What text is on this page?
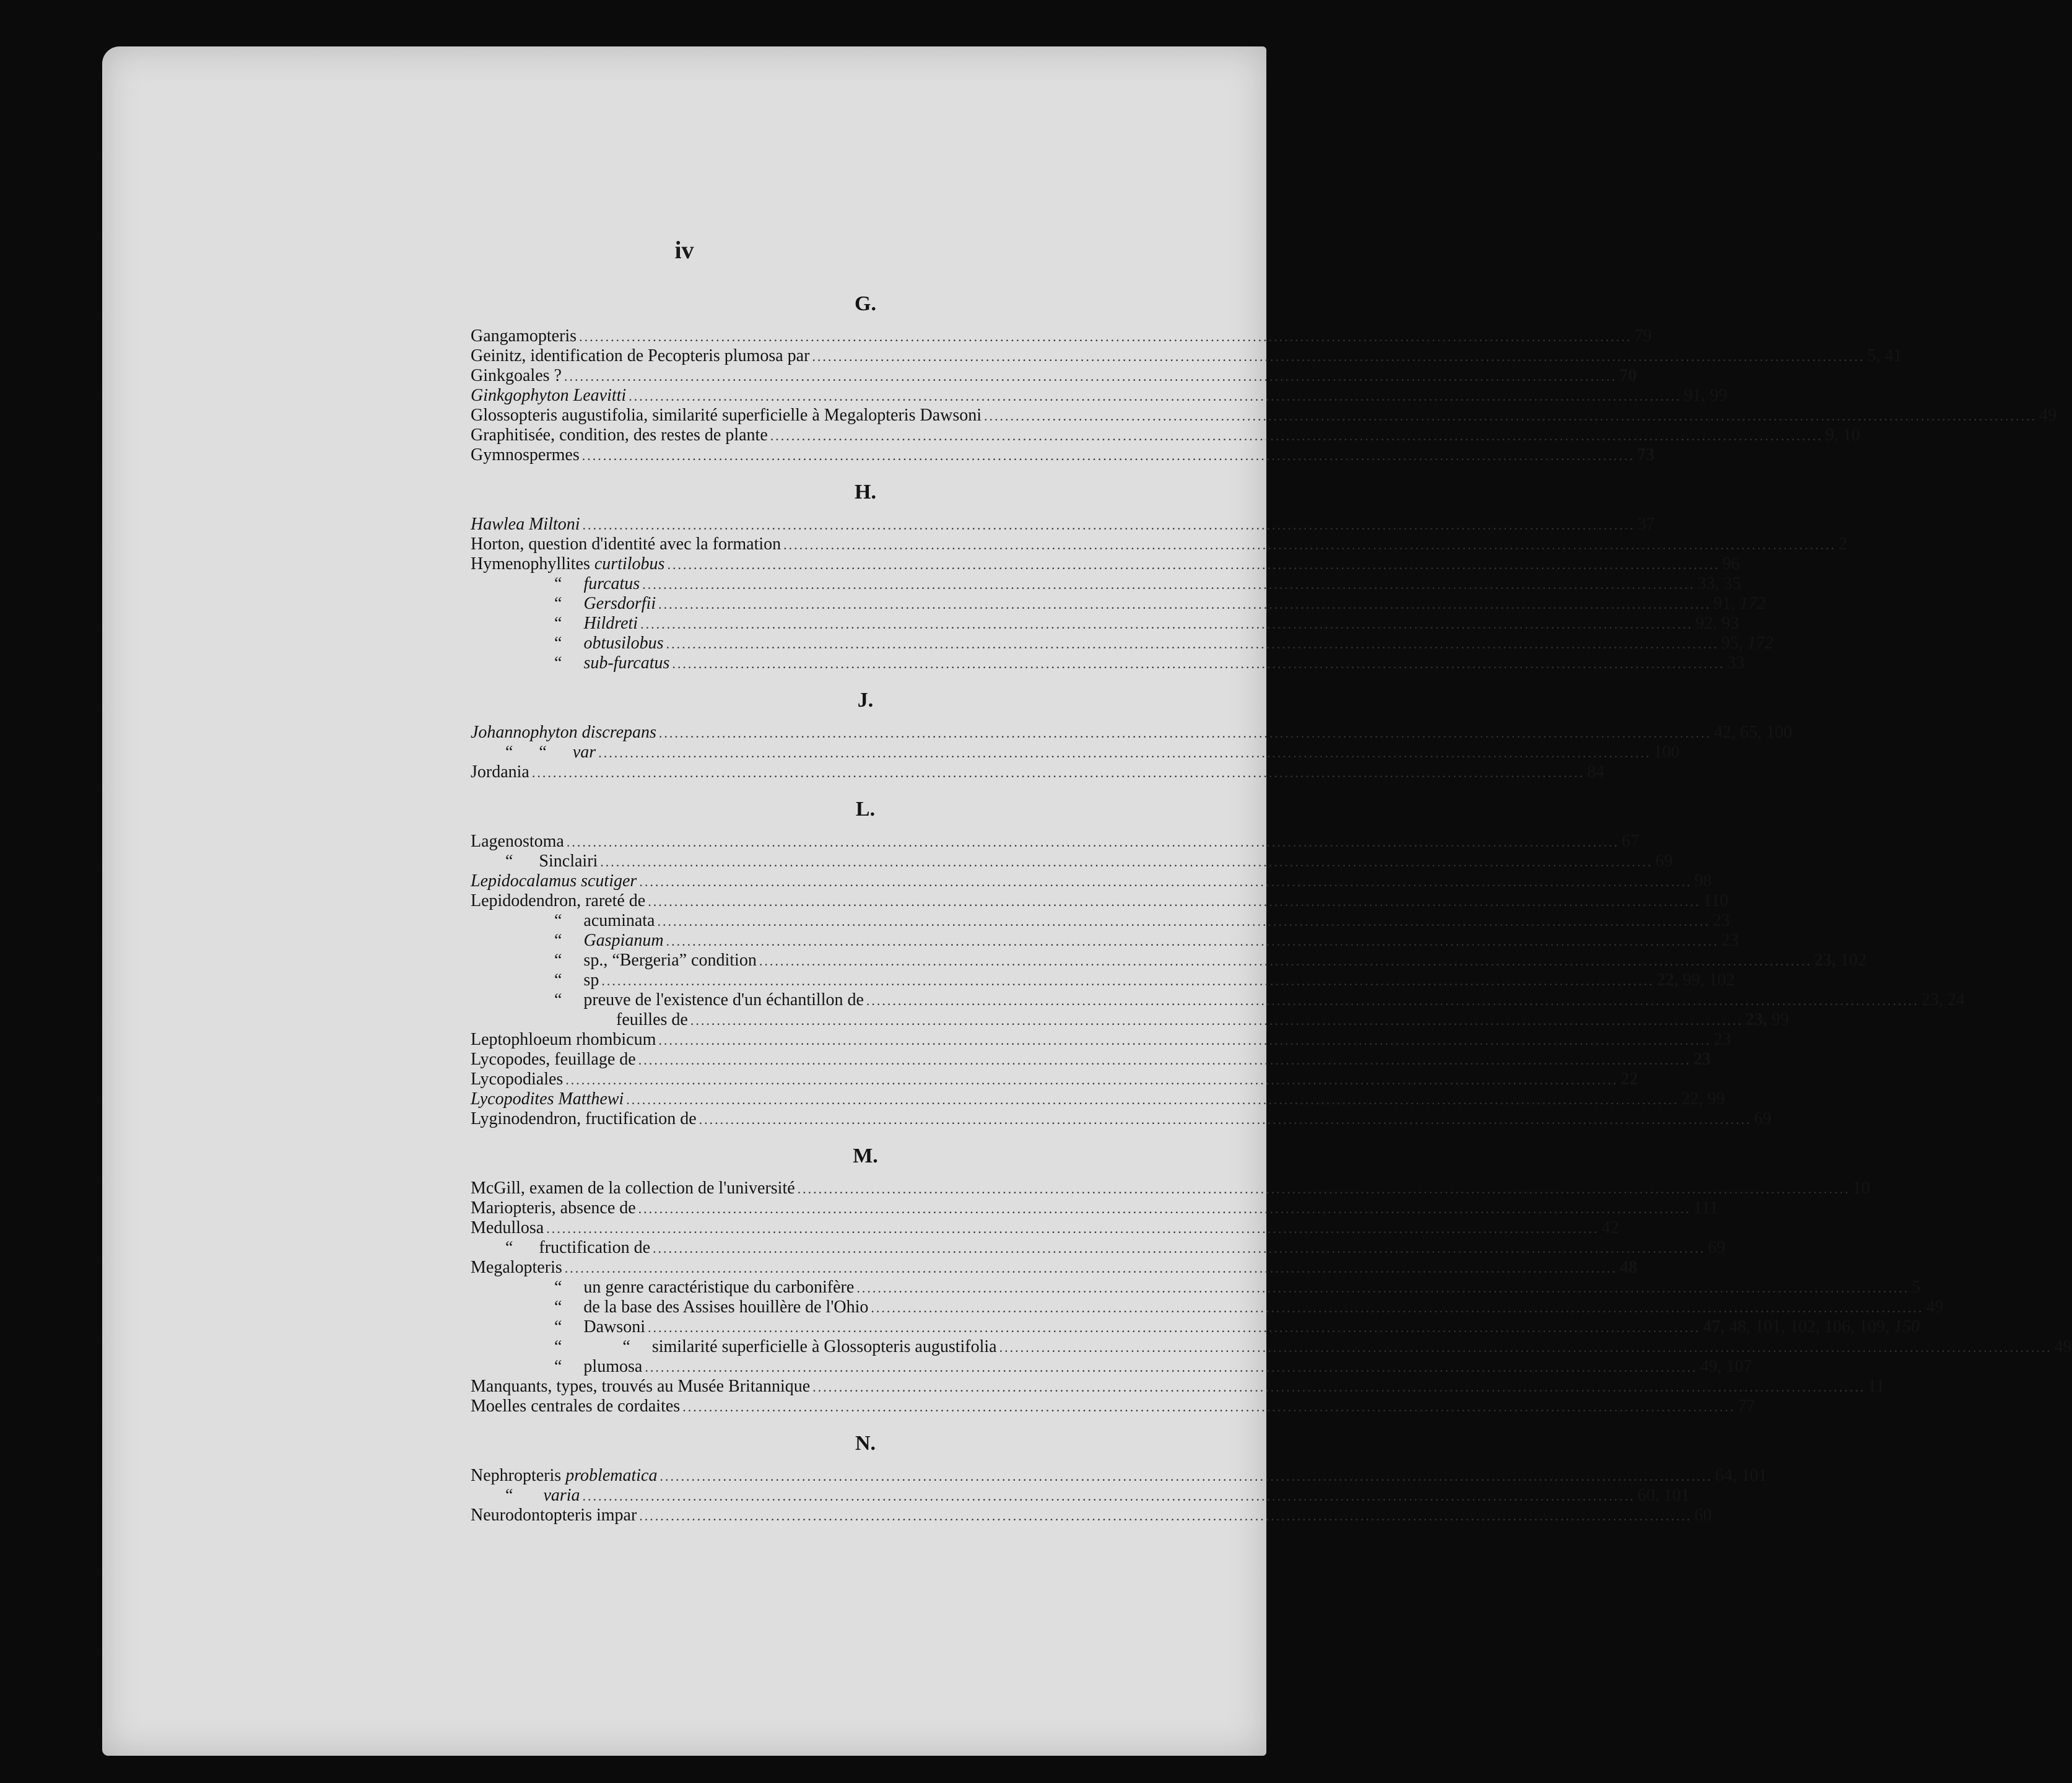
iv
G.
Gangamopteris ........................................................................................................................................................................................................ 79
Geinitz, identification de Pecopteris plumosa par ........................................................................................................................................................................................................ 5, 41
Ginkgoales ? ........................................................................................................................................................................................................ 70
Ginkgophyton Leavitti ........................................................................................................................................................................................................ 91, 99
Glossopteris augustifolia, similarité superficielle à Megalopteris Dawsoni ........................................................................................................................................................................................................ 49
Graphitisée, condition, des restes de plante ........................................................................................................................................................................................................ 9, 10
Gymnospermes ........................................................................................................................................................................................................ 73
H.
Hawlea Miltoni ........................................................................................................................................................................................................ 37
Horton, question d'identité avec la formation ........................................................................................................................................................................................................ 2
Hymenophyllites curtilobus ........................................................................................................................................................................................................ 96
“     furcatus ........................................................................................................................................................................................................ 33, 35
“     Gersdorfii ........................................................................................................................................................................................................ 91, 172
“     Hildreti ........................................................................................................................................................................................................ 92, 93
“     obtusilobus ........................................................................................................................................................................................................ 95, 172
“     sub-furcatus ........................................................................................................................................................................................................ 33
J.
Johannophyton discrepans ........................................................................................................................................................................................................ 42, 65, 100
“      “      var ........................................................................................................................................................................................................ 100
Jordania ........................................................................................................................................................................................................ 84
L.
Lagenostoma ........................................................................................................................................................................................................ 67
“      Sinclairi ........................................................................................................................................................................................................ 69
Lepidocalamus scutiger ........................................................................................................................................................................................................ 98
Lepidodendron, rareté de ........................................................................................................................................................................................................ 110
“     acuminata ........................................................................................................................................................................................................ 23
“     Gaspianum ........................................................................................................................................................................................................ 23
“     sp., “Bergeria” condition ........................................................................................................................................................................................................ 23, 102
“     sp ........................................................................................................................................................................................................ 22, 99, 102
“     preuve de l'existence d'un échantillon de ........................................................................................................................................................................................................ 23, 24
feuilles de ........................................................................................................................................................................................................ 23, 99
Leptophloeum rhombicum ........................................................................................................................................................................................................ 23
Lycopodes, feuillage de ........................................................................................................................................................................................................ 23
Lycopodiales ........................................................................................................................................................................................................ 22
Lycopodites Matthewi ........................................................................................................................................................................................................ 22, 99
Lyginodendron, fructification de ........................................................................................................................................................................................................ 69
M.
McGill, examen de la collection de l'université ........................................................................................................................................................................................................ 10
Mariopteris, absence de ........................................................................................................................................................................................................ 111
Medullosa ........................................................................................................................................................................................................ 42
“      fructification de ........................................................................................................................................................................................................ 69
Megalopteris ........................................................................................................................................................................................................ 48
“     un genre caractéristique du carbonifère ........................................................................................................................................................................................................ 5
“     de la base des Assises houillère de l'Ohio ........................................................................................................................................................................................................ 49
“     Dawsoni ........................................................................................................................................................................................................ 47, 48, 101, 102, 106, 109, 150
“              “     similarité superficielle à Glossopteris augustifolia ........................................................................................................................................................................................................ 49
“     plumosa ........................................................................................................................................................................................................ 49, 107
Manquants, types, trouvés au Musée Britannique ........................................................................................................................................................................................................ 11
Moelles centrales de cordaites ........................................................................................................................................................................................................ 77
N.
Nephropteris problematica ........................................................................................................................................................................................................ 64, 101
“       varia ........................................................................................................................................................................................................ 60, 101
Neurodontopteris impar ........................................................................................................................................................................................................ 60
